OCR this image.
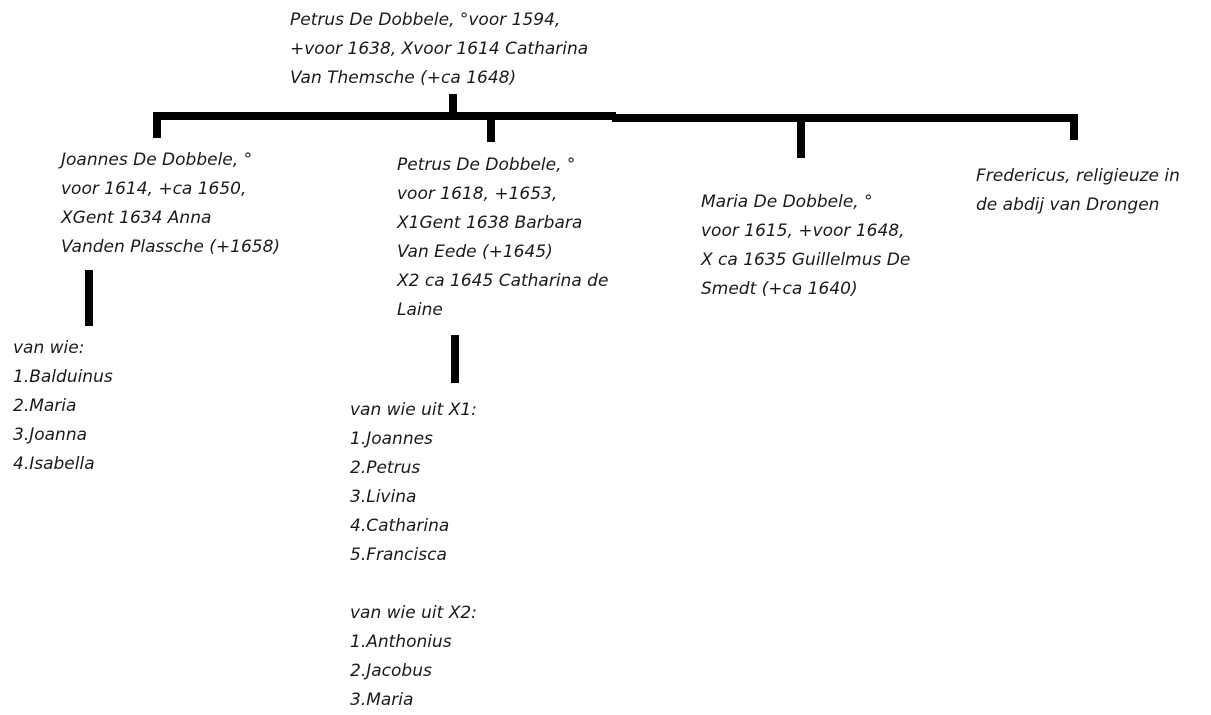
Petrus De Dobbele, °voor 1594,
+voor 1638, Xvoor 1614 Catharina
Van Themsche (+ca 1648)
Joannes De Dobbele, °
voor 1614, +ca 1650,
XGent 1634 Anna
Vanden Plassche (+1658)
van wie:
1.Balduinus
2.Maria
3.Joanna
4.Isabella
Petrus De Dobbele, °
voor 1618, +1653,
X1Gent 1638 Barbara
Van Eede (+1645)
X2 ca 1645 Catharina de
Laine
van wie uit X1:
1.Joannes
2.Petrus
3.Livina
4.Catharina
5.Francisca
van wie uit X2:
1.Anthonius
2.Jacobus
3.Maria
Maria De Dobbele, °
voor 1615, +voor 1648,
X ca 1635 Guillelmus De
Smedt (+ca 1640)
Fredericus, religieuze in
de abdij van Drongen
